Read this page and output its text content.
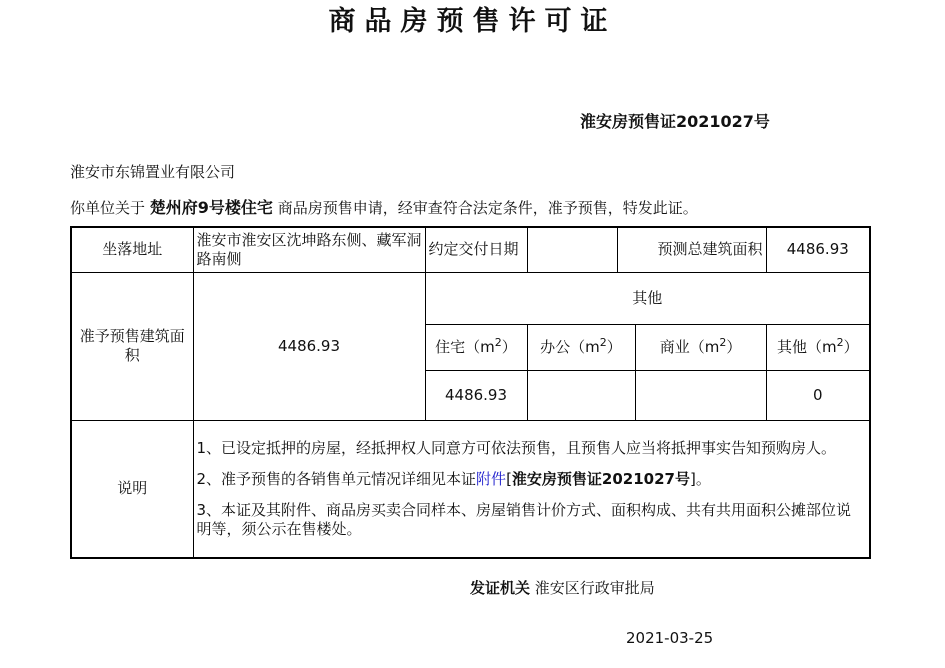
商品房预售许可证
淮安房预售证2021027号
淮安市东锦置业有限公司
你单位关于 楚州府9号楼住宅 商品房预售申请，经审查符合法定条件，准予预售，特发此证。
坐落地址	淮安市淮安区沈坤路东侧、藏军洞路南侧	约定交付日期		预测总建筑面积		4486.93
准予预售建筑面积	4486.93	其他				
		住宅$(m^2)$	办公$(m^2)$		商业$(m^2)$	其他$(m^2)$
		4486.93				0
说明	1、已设定抵押的房屋，经抵押权人同意方可依法预售，且预售人应当将抵押事实告知预购房人。

2、准予预售的各销售单元情况详细见本证附件[淮安房预售证2021027号]。

3、本证及其附件、商品房买卖合同样本、房屋销售计价方式、面积构成、共有共用面积公摊部位说明等，须公示在售楼处。					

发证机关 淮安区行政审批局
2021-03-25
